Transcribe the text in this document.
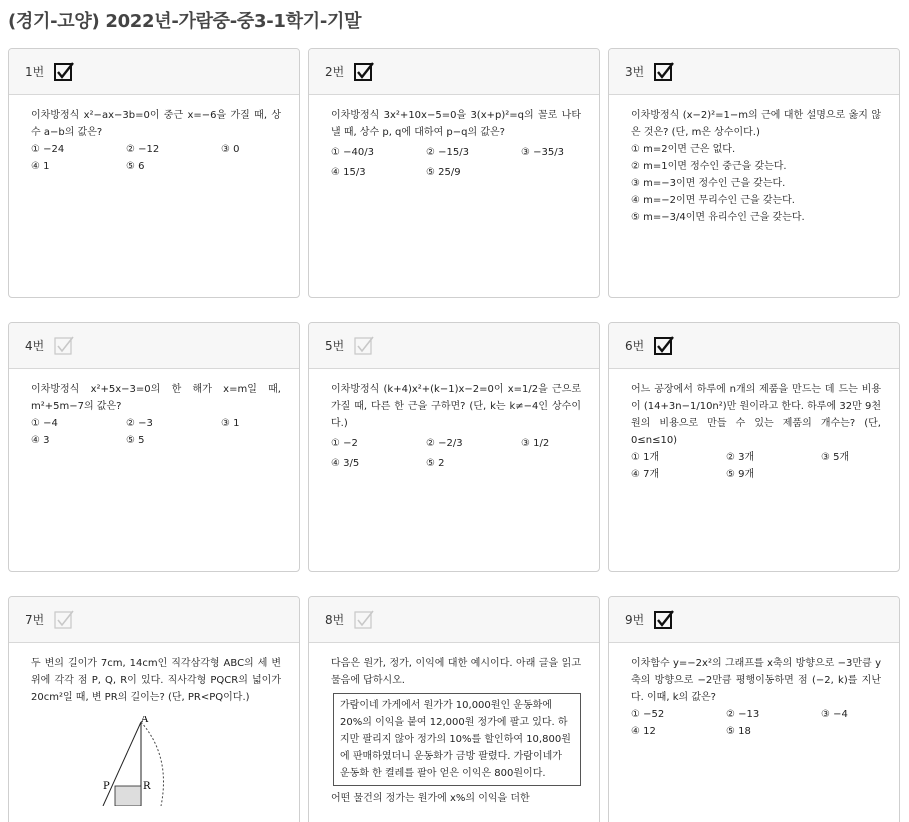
(경기-고양) 2022년-가람중-중3-1학기-기말
1번
이차방정식 x²−ax−3b=0이 중근 x=−6을 가질 때, 상수 a−b의 값은?
① −24	② −12	③ 0
④ 1	⑤ 6
2번
이차방정식 3x²+10x−5=0을 3(x+p)²=q의 꼴로 나타낼 때, 상수 p, q에 대하여 p−q의 값은?
① −40/3	② −15/3	③ −35/3
④ 15/3	⑤ 25/9
3번
이차방정식 (x−2)²=1−m의 근에 대한 설명으로 옳지 않은 것은? (단, m은 상수이다.)
① m=2이면 근은 없다.
② m=1이면 정수인 중근을 갖는다.
③ m=−3이면 정수인 근을 갖는다.
④ m=−2이면 무리수인 근을 갖는다.
⑤ m=−3/4이면 유리수인 근을 갖는다.
4번
이차방정식 x²+5x−3=0의 한 해가 x=m일 때, m²+5m−7의 값은?
① −4	② −3	③ 1
④ 3	⑤ 5
5번
이차방정식 (k+4)x²+(k−1)x−2=0이 x=1/2을 근으로 가질 때, 다른 한 근을 구하면? (단, k는 k≠−4인 상수이다.)
① −2	② −2/3	③ 1/2
④ 3/5	⑤ 2
6번
어느 공장에서 하루에 n개의 제품을 만드는 데 드는 비용이 (14+3n−1/10n²)만 원이라고 한다. 하루에 32만 9천원의 비용으로 만들 수 있는 제품의 개수는? (단, 0≤n≤10)
① 1개	② 3개	③ 5개
④ 7개	⑤ 9개
7번
두 변의 길이가 7cm, 14cm인 직각삼각형 ABC의 세 변 위에 각각 점 P, Q, R이 있다. 직사각형 PQCR의 넓이가 20cm²일 때, 변 PR의 길이는? (단, PR<PQ이다.)
A
P	R
8번
다음은 원가, 정가, 이익에 대한 예시이다. 아래 글을 읽고 물음에 답하시오.
가람이네 가게에서 원가가 10,000원인 운동화에 20%의 이익을 붙여 12,000원 정가에 팔고 있다. 하지만 팔리지 않아 정가의 10%를 할인하여 10,800원에 판매하였더니 운동화가 금방 팔렸다. 가람이네가 운동화 한 켤레를 팔아 얻은 이익은 800원이다.
어떤 물건의 정가는 원가에 x%의 이익을 더한
9번
이차함수 y=−2x²의 그래프를 x축의 방향으로 −3만큼 y축의 방향으로 −2만큼 평행이동하면 점 (−2, k)를 지난다. 이때, k의 값은?
① −52	② −13	③ −4
④ 12	⑤ 18
